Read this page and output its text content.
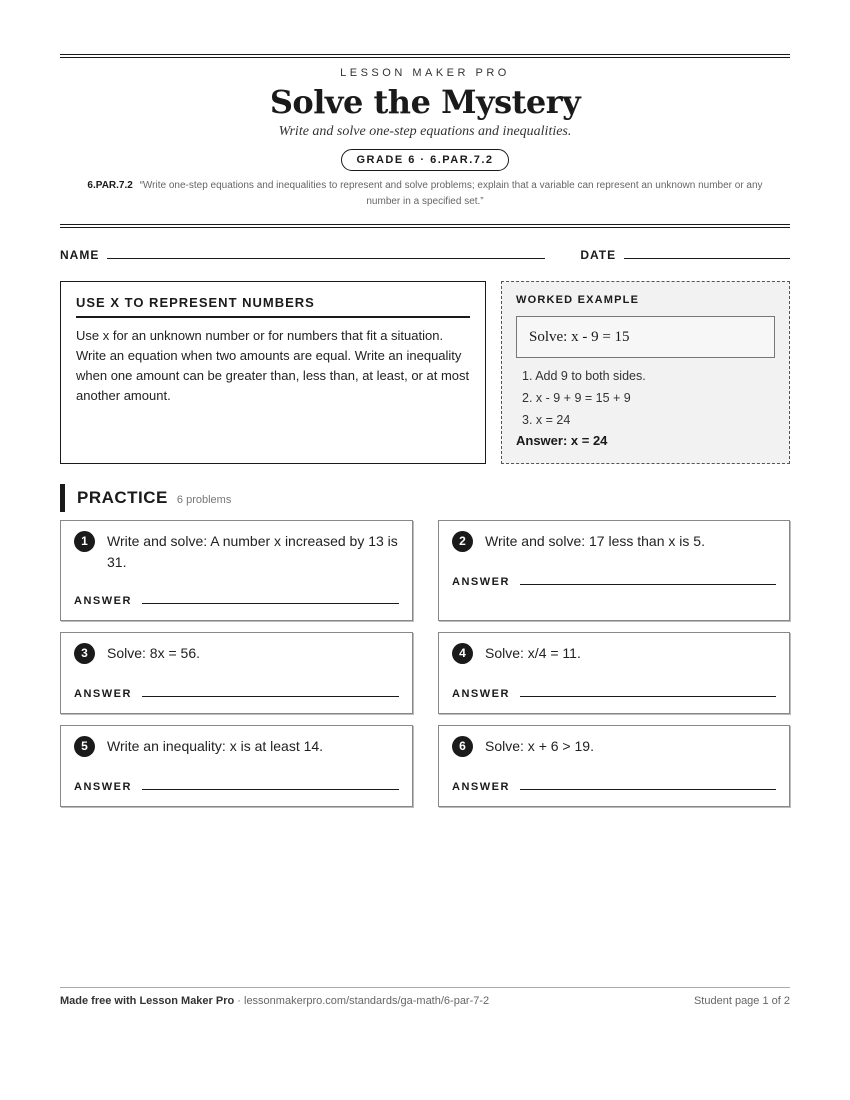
LESSON MAKER PRO
Solve the Mystery
Write and solve one-step equations and inequalities.
GRADE 6 · 6.PAR.7.2
6.PAR.7.2 “Write one-step equations and inequalities to represent and solve problems; explain that a variable can represent an unknown number or any number in a specified set.”
NAME	DATE
USE X TO REPRESENT NUMBERS
Use x for an unknown number or for numbers that fit a situation. Write an equation when two amounts are equal. Write an inequality when one amount can be greater than, less than, at least, or at most another amount.
WORKED EXAMPLE
Solve: x - 9 = 15
1. Add 9 to both sides.
2. x - 9 + 9 = 15 + 9
3. x = 24
Answer: x = 24
PRACTICE 6 problems
1	Write and solve: A number x increased by 13 is 31.
ANSWER
2	Write and solve: 17 less than x is 5.
ANSWER
3	Solve: 8x = 56.
ANSWER
4	Solve: x/4 = 11.
ANSWER
5	Write an inequality: x is at least 14.
ANSWER
6	Solve: x + 6 > 19.
ANSWER
Made free with Lesson Maker Pro · lessonmakerpro.com/standards/ga-math/6-par-7-2	Student page 1 of 2
